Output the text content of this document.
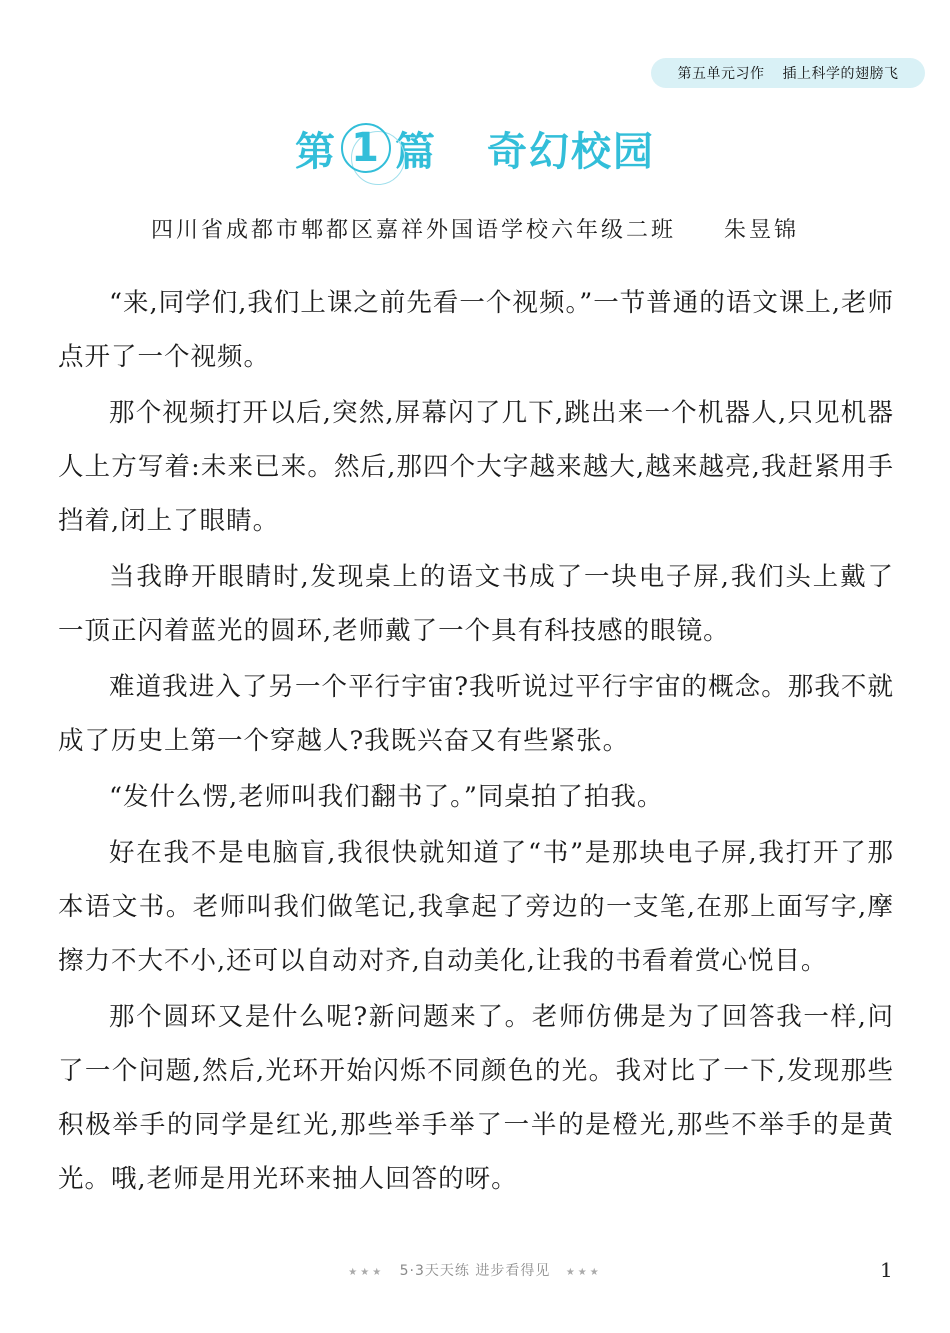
第五单元习作 插上科学的翅膀飞
第 1 篇 奇幻校园
四川省成都市郫都区嘉祥外国语学校六年级二班 朱昱锦

“来,同学们,我们上课之前先看一个视频。”一节普通的语文课上,老师点开了一个视频。

那个视频打开以后,突然,屏幕闪了几下,跳出来一个机器人,只见机器人上方写着:未来已来。然后,那四个大字越来越大,越来越亮,我赶紧用手挡着,闭上了眼睛。

当我睁开眼睛时,发现桌上的语文书成了一块电子屏,我们头上戴了一顶正闪着蓝光的圆环,老师戴了一个具有科技感的眼镜。

难道我进入了另一个平行宇宙?我听说过平行宇宙的概念。那我不就成了历史上第一个穿越人?我既兴奋又有些紧张。

“发什么愣,老师叫我们翻书了。”同桌拍了拍我。

好在我不是电脑盲,我很快就知道了“书”是那块电子屏,我打开了那本语文书。老师叫我们做笔记,我拿起了旁边的一支笔,在那上面写字,摩擦力不大不小,还可以自动对齐,自动美化,让我的书看着赏心悦目。

那个圆环又是什么呢?新问题来了。老师仿佛是为了回答我一样,问了一个问题,然后,光环开始闪烁不同颜色的光。我对比了一下,发现那些积极举手的同学是红光,那些举手举了一半的是橙光,那些不举手的是黄光。哦,老师是用光环来抽人回答的呀。

★★★ 5·3天天练 进步看得见 ★★★	1
